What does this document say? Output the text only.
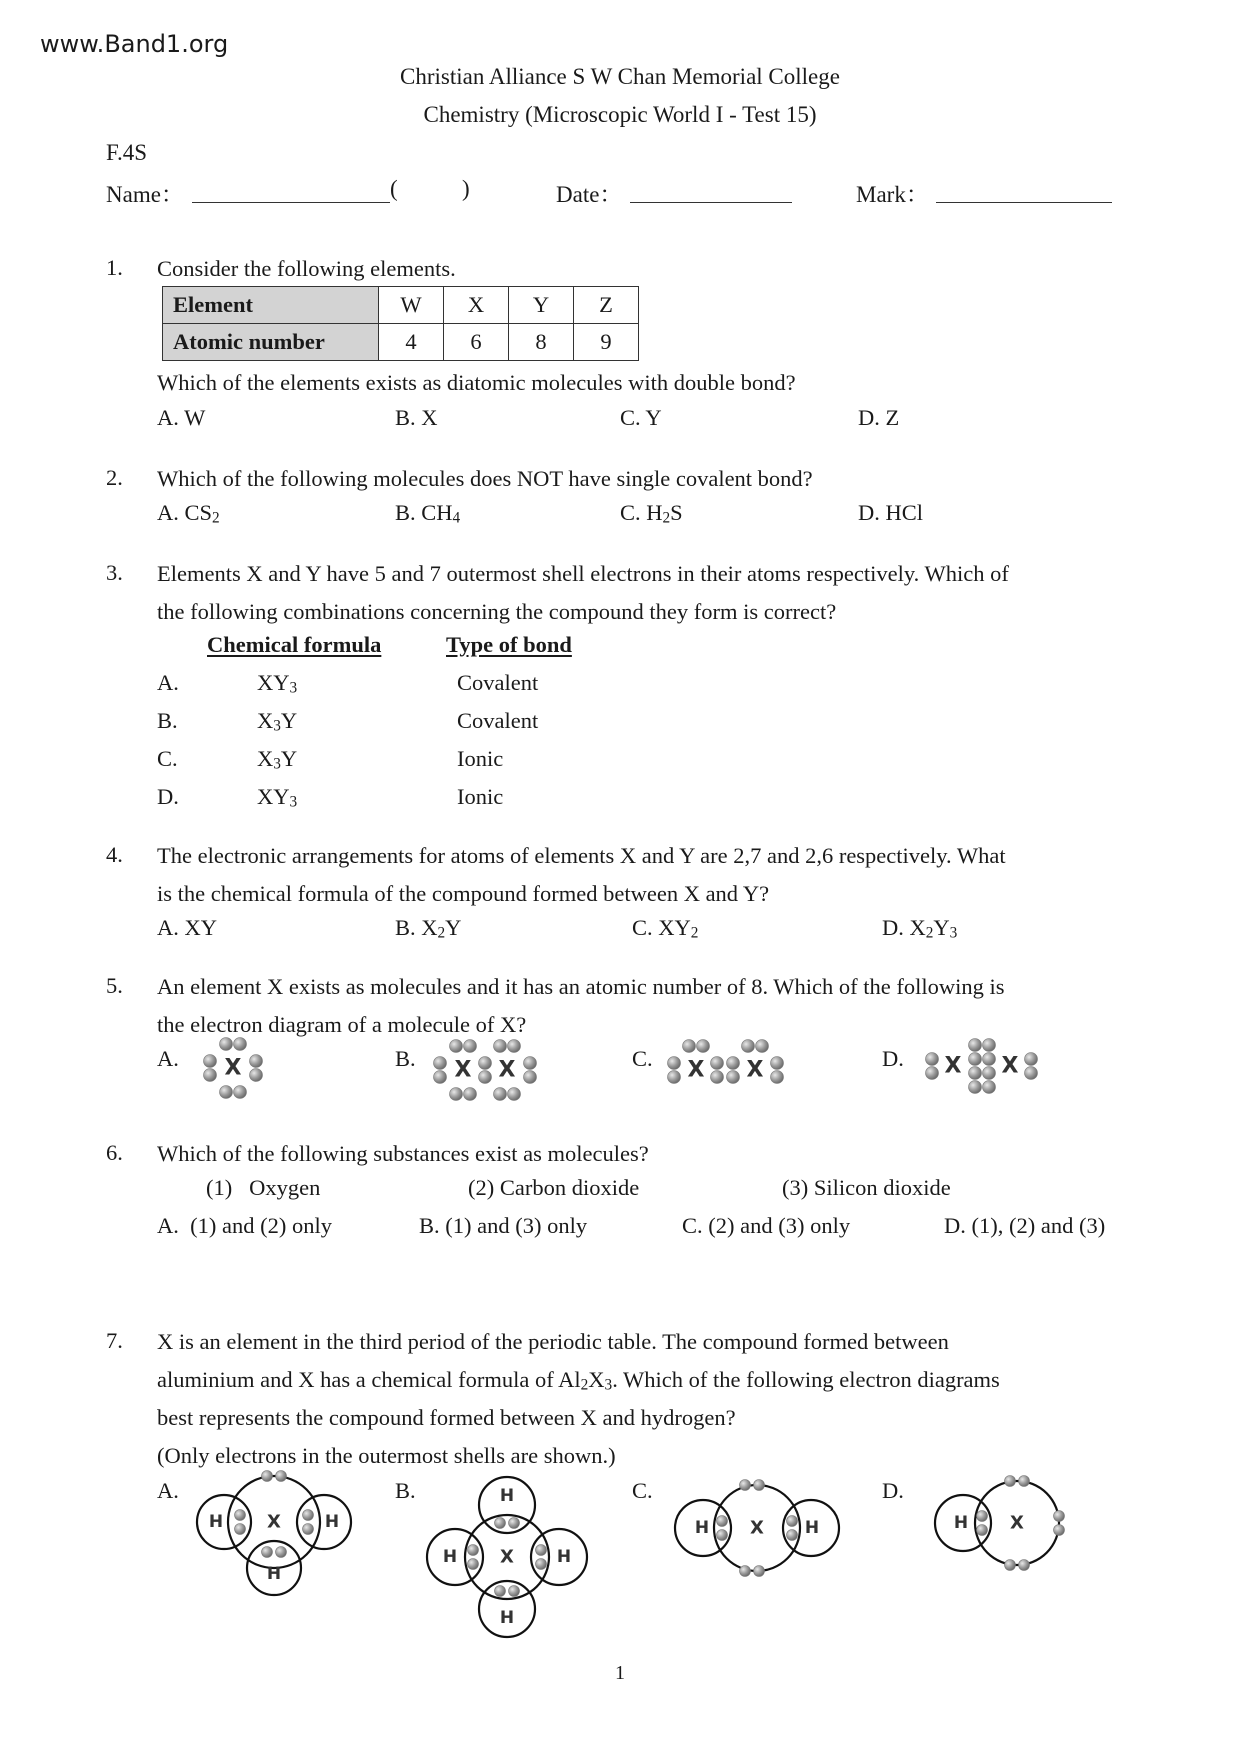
www.Band1.org
Christian Alliance S W Chan Memorial College
Chemistry (Microscopic World I - Test 15)
F.4S
Name：	(	)	Date：	Mark：
1. Consider the following elements.
Element	W	X	Y	Z
Atomic number	4	6	8	9
Which of the elements exists as diatomic molecules with double bond?
A. W	B. X	C. Y	D. Z
2. Which of the following molecules does NOT have single covalent bond?
A. $CS_2$	B. $CH_4$	C. $H_2S$	D. HCl
3. Elements X and Y have 5 and 7 outermost shell electrons in their atoms respectively. Which of
the following combinations concerning the compound they form is correct?
Chemical formula	Type of bond
A.	$XY_3$	Covalent
B.	$X_3Y$	Covalent
C.	$X_3Y$	Ionic
D.	$XY_3$	Ionic
4. The electronic arrangements for atoms of elements X and Y are 2,7 and 2,6 respectively. What
is the chemical formula of the compound formed between X and Y?
A. XY	B. $X_2Y$	C. $XY_2$	D. $X_2Y_3$
5. An element X exists as molecules and it has an atomic number of 8. Which of the following is
the electron diagram of a molecule of X?
A.	B.	C.	D.
X	X X	X X	X X
X
H	H
H
X
H
H
H	H
X
H	H	X
H
6. Which of the following substances exist as molecules?
(1)   Oxygen	(2) Carbon dioxide	(3) Silicon dioxide
A.  (1) and (2) only	B. (1) and (3) only	C. (2) and (3) only	D. (1), (2) and (3)
7. X is an element in the third period of the periodic table. The compound formed between
aluminium and X has a chemical formula of $Al_2X_3$. Which of the following electron diagrams
best represents the compound formed between X and hydrogen?
(Only electrons in the outermost shells are shown.)
A.	B.	C.	D.
1
